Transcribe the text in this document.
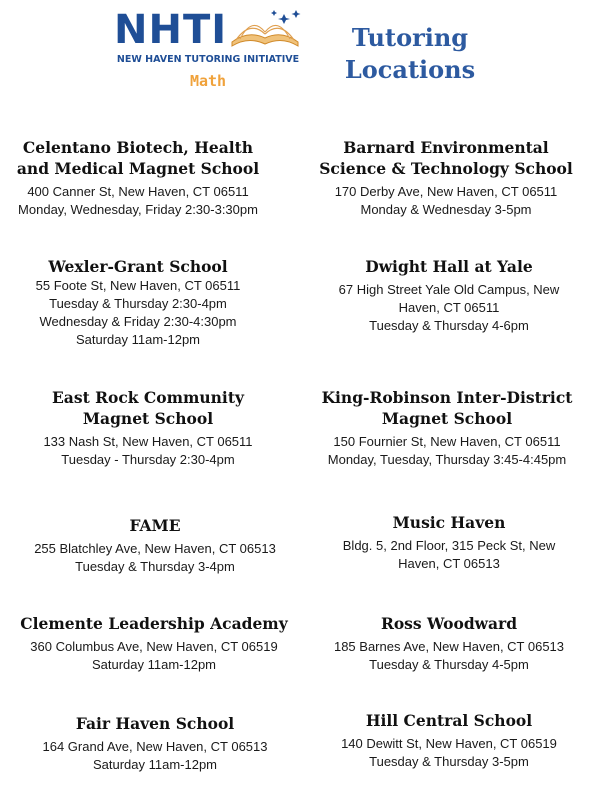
NHTI
NEW HAVEN TUTORING INITIATIVE
Math
Tutoring
Locations
Celentano Biotech, Health
and Medical Magnet School
400 Canner St, New Haven, CT 06511
Monday, Wednesday, Friday 2:30-3:30pm
Barnard Environmental
Science & Technology School
170 Derby Ave, New Haven, CT 06511
Monday & Wednesday 3-5pm
Wexler-Grant School
55 Foote St, New Haven, CT 06511
Tuesday & Thursday 2:30-4pm
Wednesday & Friday 2:30-4:30pm
Saturday 11am-12pm
Dwight Hall at Yale
67 High Street Yale Old Campus, New
Haven, CT 06511
Tuesday & Thursday 4-6pm
East Rock Community
Magnet School
133 Nash St, New Haven, CT 06511
Tuesday - Thursday 2:30-4pm
King-Robinson Inter-District
Magnet School
150 Fournier St, New Haven, CT 06511
Monday, Tuesday, Thursday 3:45-4:45pm
FAME
255 Blatchley Ave, New Haven, CT 06513
Tuesday & Thursday 3-4pm
Music Haven
Bldg. 5, 2nd Floor, 315 Peck St, New
Haven, CT 06513
Clemente Leadership Academy
360 Columbus Ave, New Haven, CT 06519
Saturday 11am-12pm
Ross Woodward
185 Barnes Ave, New Haven, CT 06513
Tuesday & Thursday 4-5pm
Fair Haven School
164 Grand Ave, New Haven, CT 06513
Saturday 11am-12pm
Hill Central School
140 Dewitt St, New Haven, CT 06519
Tuesday & Thursday 3-5pm
